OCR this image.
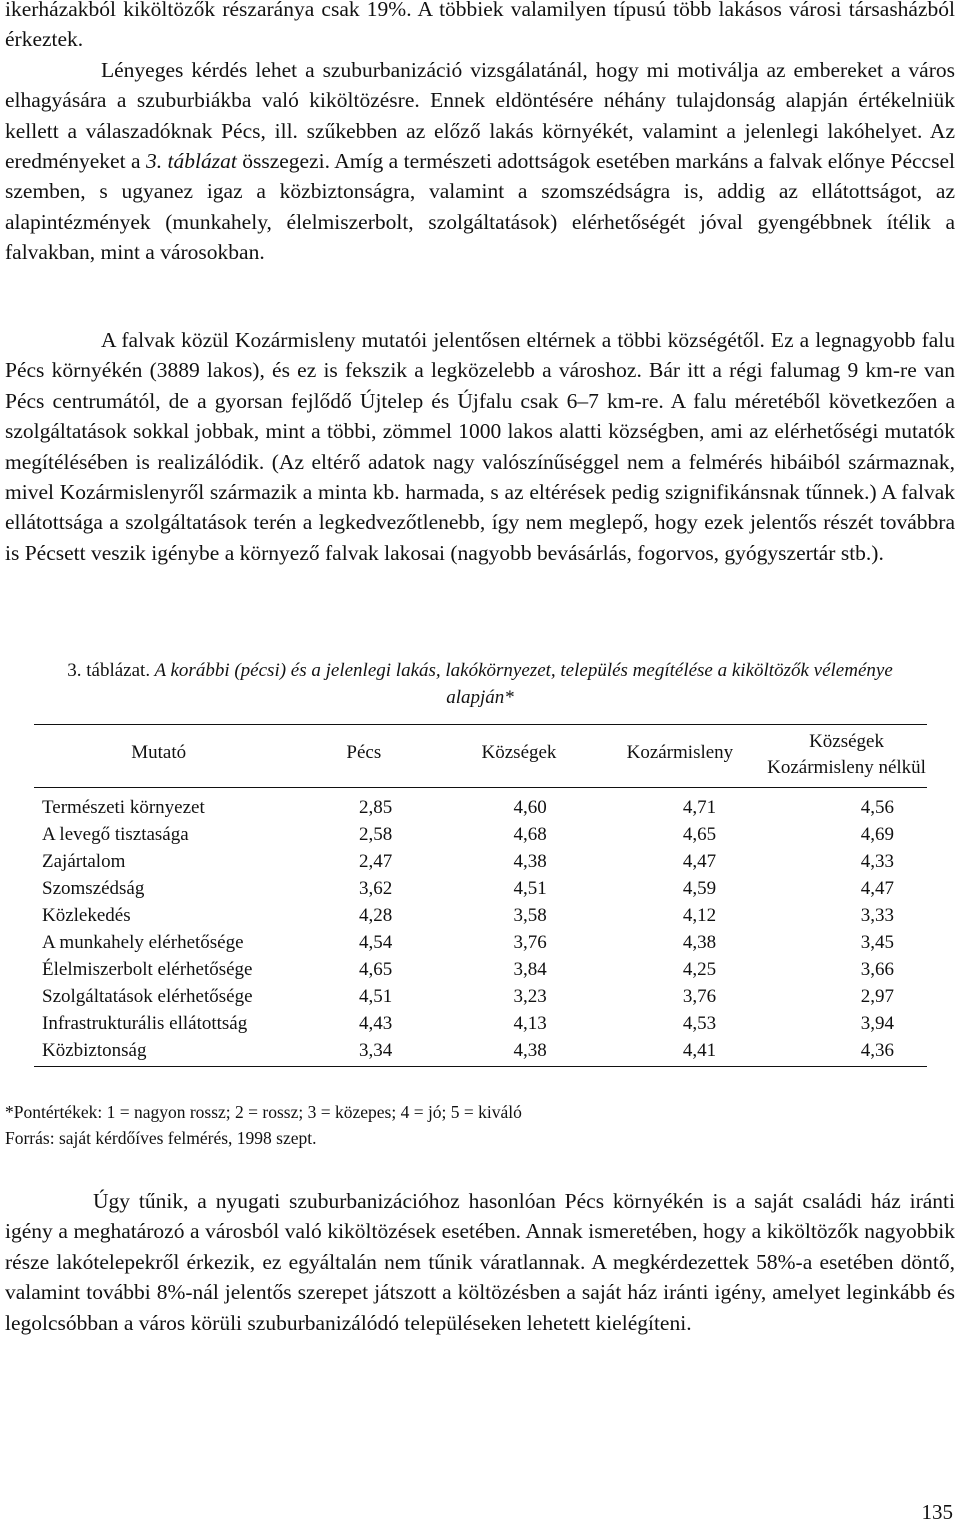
ikerházakból kiköltözők részaránya csak 19%. A többiek valamilyen típusú több lakásos városi társasházból érkeztek.
Lényeges kérdés lehet a szuburbanizáció vizsgálatánál, hogy mi motiválja az embereket a város elhagyására a szuburbiákba való kiköltözésre. Ennek eldöntésére néhány tulajdonság alapján értékelniük kellett a válaszadóknak Pécs, ill. szűkebben az előző lakás környékét, valamint a jelenlegi lakóhelyet. Az eredményeket a 3. táblázat összegezi. Amíg a természeti adottságok esetében markáns a falvak előnye Péccsel szemben, s ugyanez igaz a közbiztonságra, valamint a szomszédságra is, addig az ellátottságot, az alapintézmények (munkahely, élelmiszerbolt, szolgáltatások) elérhetőségét jóval gyengébbnek ítélik a falvakban, mint a városokban.

A falvak közül Kozármisleny mutatói jelentősen eltérnek a többi községétől. Ez a legnagyobb falu Pécs környékén (3889 lakos), és ez is fekszik a legközelebb a városhoz. Bár itt a régi falumag 9 km-re van Pécs centrumától, de a gyorsan fejlődő Újtelep és Újfalu csak 6–7 km-re. A falu méretéből következően a szolgáltatások sokkal jobbak, mint a többi, zömmel 1000 lakos alatti községben, ami az elérhetőségi mutatók megítélésében is realizálódik. (Az eltérő adatok nagy valószínűséggel nem a felmérés hibáiból származnak, mivel Kozármislenyről származik a minta kb. harmada, s az eltérések pedig szignifikánsnak tűnnek.) A falvak ellátottsága a szolgáltatások terén a legkedvezőtlenebb, így nem meglepő, hogy ezek jelentős részét továbbra is Pécsett veszik igénybe a környező falvak lakosai (nagyobb bevásárlás, fogorvos, gyógyszertár stb.).

3. táblázat. A korábbi (pécsi) és a jelenlegi lakás, lakókörnyezet, település megítélése a kiköltözők véleménye alapján*

Mutató	Pécs	Községek	Kozármisleny	Községek Kozármisleny nélkül
Természeti környezet	2,85	4,60	4,71	4,56
A levegő tisztasága	2,58	4,68	4,65	4,69
Zajártalom	2,47	4,38	4,47	4,33
Szomszédság	3,62	4,51	4,59	4,47
Közlekedés	4,28	3,58	4,12	3,33
A munkahely elérhetősége	4,54	3,76	4,38	3,45
Élelmiszerbolt elérhetősége	4,65	3,84	4,25	3,66
Szolgáltatások elérhetősége	4,51	3,23	3,76	2,97
Infrastrukturális ellátottság	4,43	4,13	4,53	3,94
Közbiztonság	3,34	4,38	4,41	4,36

*Pontértékek: 1 = nagyon rossz; 2 = rossz; 3 = közepes; 4 = jó; 5 = kiváló

Forrás: saját kérdőíves felmérés, 1998 szept.

Úgy tűnik, a nyugati szuburbanizációhoz hasonlóan Pécs környékén is a saját családi ház iránti igény a meghatározó a városból való kiköltözések esetében. Annak ismeretében, hogy a kiköltözők nagyobbik része lakótelepekről érkezik, ez egyáltalán nem tűnik váratlannak. A megkérdezettek 58%-a esetében döntő, valamint további 8%-nál jelentős szerepet játszott a költözésben a saját ház iránti igény, amelyet leginkább és legolcsóbban a város körüli szuburbanizálódó településeken lehetett kielégíteni.

135
